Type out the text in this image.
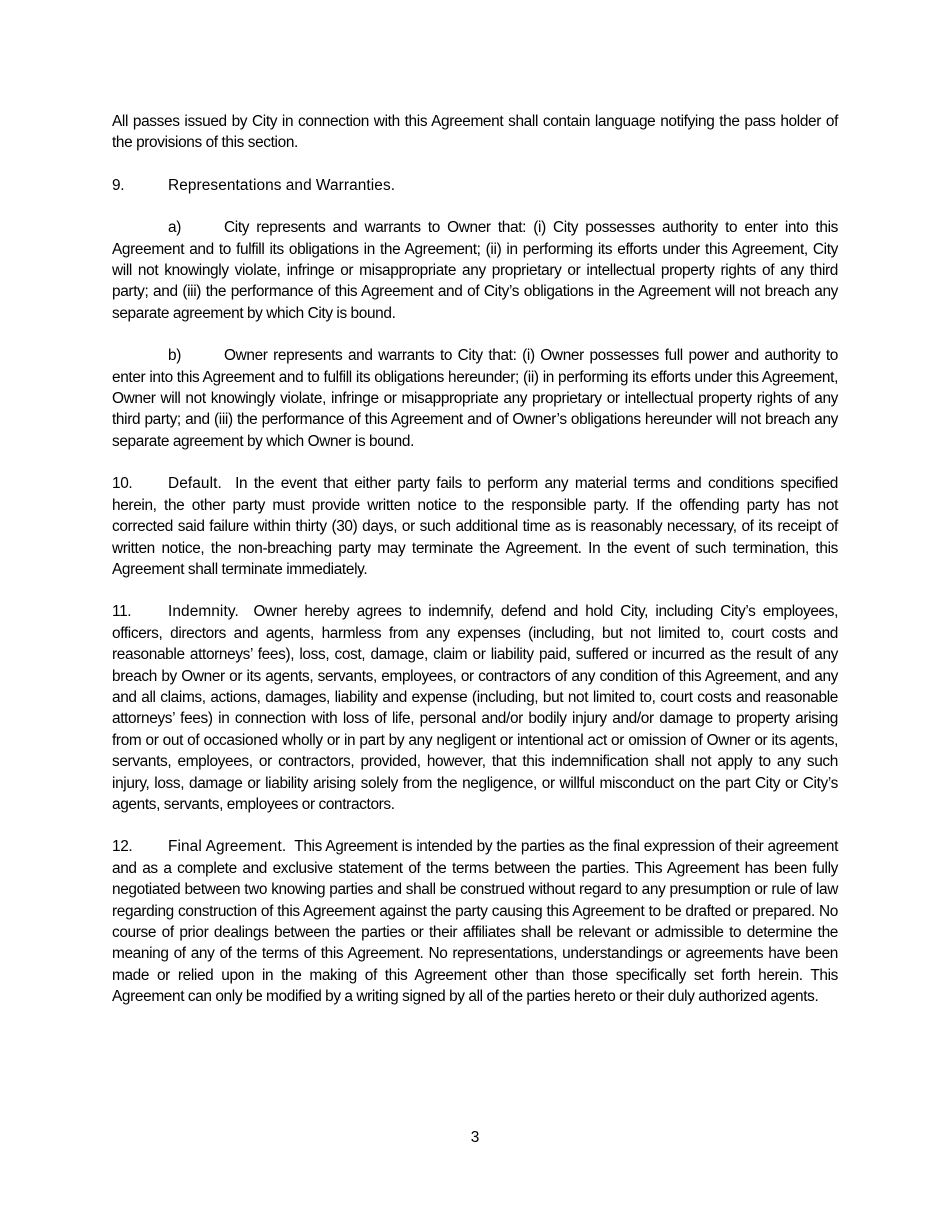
All passes issued by City in connection with this Agreement shall contain language notifying the pass holder of the provisions of this section.

9.	Representations and Warranties.

a)	City represents and warrants to Owner that: (i) City possesses authority to enter into this Agreement and to fulfill its obligations in the Agreement; (ii) in performing its efforts under this Agreement, City will not knowingly violate, infringe or misappropriate any proprietary or intellectual property rights of any third party; and (iii) the performance of this Agreement and of City’s obligations in the Agreement will not breach any separate agreement by which City is bound.

b)	Owner represents and warrants to City that: (i) Owner possesses full power and authority to enter into this Agreement and to fulfill its obligations hereunder; (ii) in performing its efforts under this Agreement, Owner will not knowingly violate, infringe or misappropriate any proprietary or intellectual property rights of any third party; and (iii) the performance of this Agreement and of Owner’s obligations hereunder will not breach any separate agreement by which Owner is bound.

10. Default. In the event that either party fails to perform any material terms and conditions specified herein, the other party must provide written notice to the responsible party. If the offending party has not corrected said failure within thirty (30) days, or such additional time as is reasonably necessary, of its receipt of written notice, the non-breaching party may terminate the Agreement. In the event of such termination, this Agreement shall terminate immediately.

11. Indemnity. Owner hereby agrees to indemnify, defend and hold City, including City’s employees, officers, directors and agents, harmless from any expenses (including, but not limited to, court costs and reasonable attorneys’ fees), loss, cost, damage, claim or liability paid, suffered or incurred as the result of any breach by Owner or its agents, servants, employees, or contractors of any condition of this Agreement, and any and all claims, actions, damages, liability and expense (including, but not limited to, court costs and reasonable attorneys’ fees) in connection with loss of life, personal and/or bodily injury and/or damage to property arising from or out of occasioned wholly or in part by any negligent or intentional act or omission of Owner or its agents, servants, employees, or contractors, provided, however, that this indemnification shall not apply to any such injury, loss, damage or liability arising solely from the negligence, or willful misconduct on the part City or City’s agents, servants, employees or contractors.

12. Final Agreement. This Agreement is intended by the parties as the final expression of their agreement and as a complete and exclusive statement of the terms between the parties. This Agreement has been fully negotiated between two knowing parties and shall be construed without regard to any presumption or rule of law regarding construction of this Agreement against the party causing this Agreement to be drafted or prepared. No course of prior dealings between the parties or their affiliates shall be relevant or admissible to determine the meaning of any of the terms of this Agreement. No representations, understandings or agreements have been made or relied upon in the making of this Agreement other than those specifically set forth herein. This Agreement can only be modified by a writing signed by all of the parties hereto or their duly authorized agents.

3
